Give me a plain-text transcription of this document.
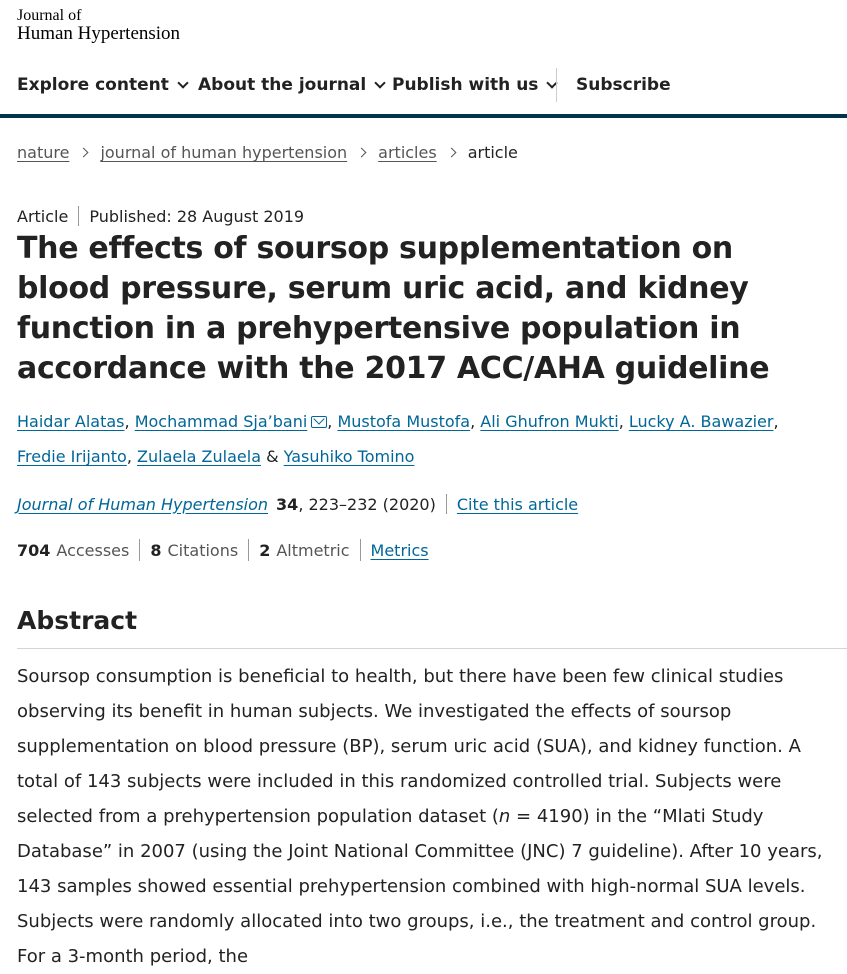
Journal of
Human Hypertension
Explore content About the journal Publish with us Subscribe
nature journal of human hypertension articles article
Article Published: 28 August 2019
The effects of soursop supplementation on blood pressure, serum uric acid, and kidney function in a prehypertensive population in accordance with the 2017 ACC/AHA guideline
Haidar Alatas, Mochammad Sja’bani , Mustofa Mustofa, Ali Ghufron Mukti, Lucky A. Bawazier, Fredie Irijanto, Zulaela Zulaela & Yasuhiko Tomino
Journal of Human Hypertension 34 , 223–232 (2020) Cite this article
704 Accesses 8 Citations 2 Altmetric Metrics
Abstract

Soursop consumption is beneficial to health, but there have been few clinical studies observing its benefit in human subjects. We investigated the effects of soursop supplementation on blood pressure (BP), serum uric acid (SUA), and kidney function. A total of 143 subjects were included in this randomized controlled trial. Subjects were selected from a prehypertension population dataset (n = 4190) in the “Mlati Study Database” in 2007 (using the Joint National Committee (JNC) 7 guideline). After 10 years, 143 samples showed essential prehypertension combined with high-normal SUA levels. Subjects were randomly allocated into two groups, i.e., the treatment and control group. For a 3-month period, the
